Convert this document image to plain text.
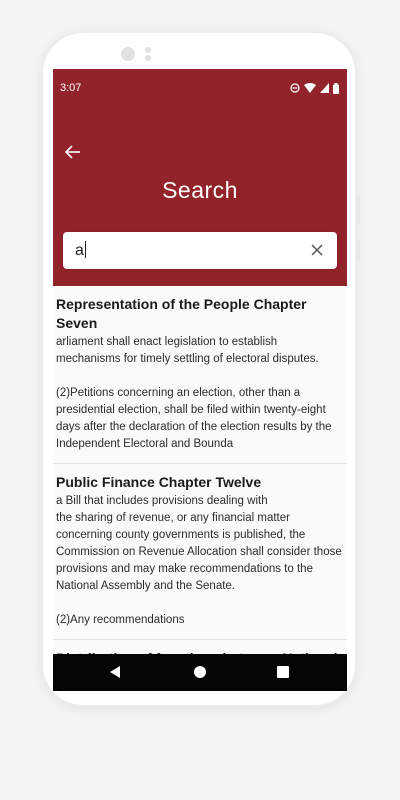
3:07
Search
a
Representation of the People Chapter Seven
arliament shall enact legislation to establish mechanisms for timely settling of electoral disputes.

(2)Petitions concerning an election, other than a presidential election, shall be filed within twenty-eight days after the declaration of the election results by the Independent Electoral and Bounda
Public Finance Chapter Twelve
a Bill that includes provisions dealing with
the sharing of revenue, or any financial matter concerning county governments is published, the Commission on Revenue Allocation shall consider those provisions and may make recommendations to the National Assembly and the Senate.

(2)Any recommendations
